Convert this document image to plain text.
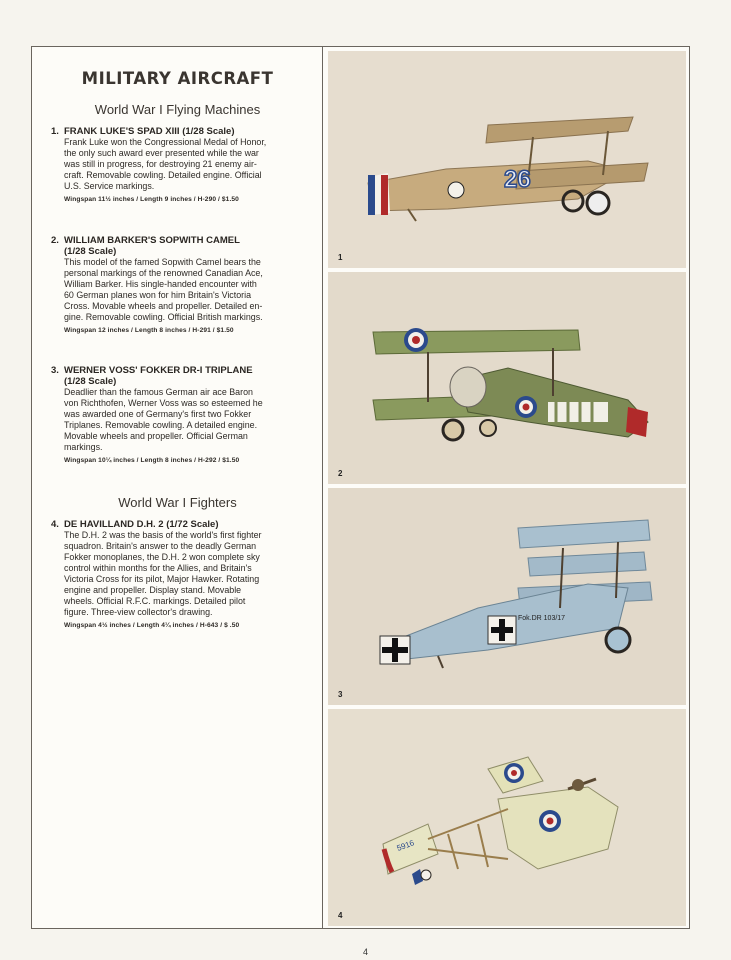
MILITARY AIRCRAFT
World War I Flying Machines
1. FRANK LUKE'S SPAD XIII (1/28 Scale)
Frank Luke won the Congressional Medal of Honor,
the only such award ever presented while the war
was still in progress, for destroying 21 enemy air-
craft. Removable cowling. Detailed engine. Official
U.S. Service markings.
Wingspan 11½ inches / Length 9 inches / H-290 / $1.50
2. WILLIAM BARKER'S SOPWITH CAMEL
(1/28 Scale)
This model of the famed Sopwith Camel bears the
personal markings of the renowned Canadian Ace,
William Barker. His single-handed encounter with
60 German planes won for him Britain's Victoria
Cross. Movable wheels and propeller. Detailed en-
gine. Removable cowling. Official British markings.
Wingspan 12 inches / Length 8 inches / H-291 / $1.50
3. WERNER VOSS' FOKKER DR-I TRIPLANE
(1/28 Scale)
Deadlier than the famous German air ace Baron
von Richthofen, Werner Voss was so esteemed he
was awarded one of Germany's first two Fokker
Triplanes. Removable cowling. A detailed engine.
Movable wheels and propeller. Official German
markings.
Wingspan 10¼ inches / Length 8 inches / H-292 / $1.50
World War I Fighters
4. DE HAVILLAND D.H. 2 (1/72 Scale)
The D.H. 2 was the basis of the world's first fighter
squadron. Britain's answer to the deadly German
Fokker monoplanes, the D.H. 2 won complete sky
control within months for the Allies, and Britain's
Victoria Cross for its pilot, Major Hawker. Rotating
engine and propeller. Display stand. Movable
wheels. Official R.F.C. markings. Detailed pilot
figure. Three-view collector's drawing.
Wingspan 4½ inches / Length 4¼ inches / H-643 / $ .50
26
1
2
Fok.DR 103/17
3
5916
4
4
